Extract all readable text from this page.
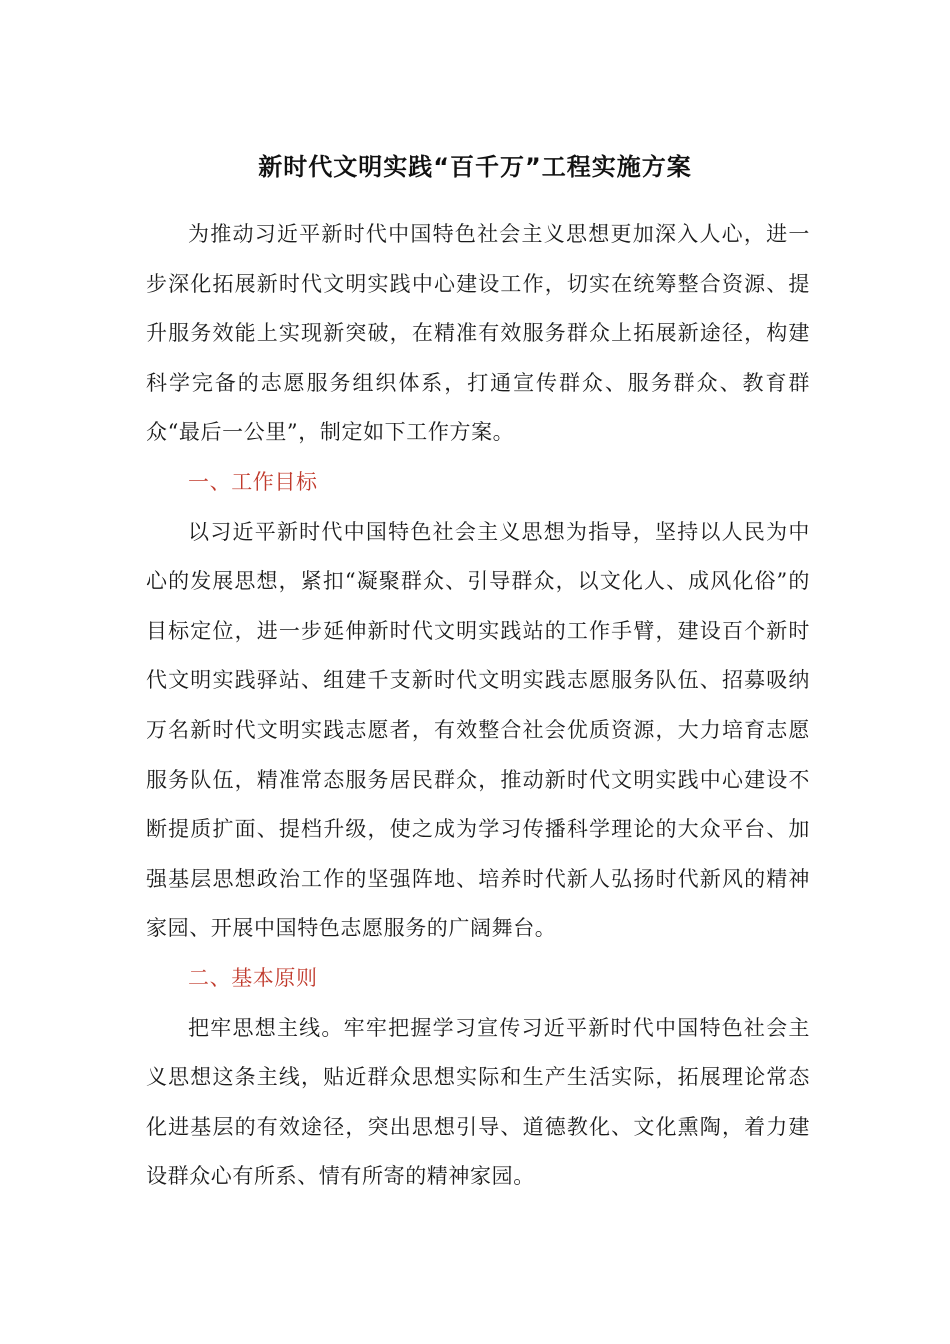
新时代文明实践“百千万”工程实施方案

为推动习近平新时代中国特色社会主义思想更加深入人心，进一步深化拓展新时代文明实践中心建设工作，切实在统筹整合资源、提升服务效能上实现新突破，在精准有效服务群众上拓展新途径，构建科学完备的志愿服务组织体系，打通宣传群众、服务群众、教育群众“最后一公里”，制定如下工作方案。

一、工作目标

以习近平新时代中国特色社会主义思想为指导，坚持以人民为中心的发展思想，紧扣“凝聚群众、引导群众，以文化人、成风化俗”的目标定位，进一步延伸新时代文明实践站的工作手臂，建设百个新时代文明实践驿站、组建千支新时代文明实践志愿服务队伍、招募吸纳万名新时代文明实践志愿者，有效整合社会优质资源，大力培育志愿服务队伍，精准常态服务居民群众，推动新时代文明实践中心建设不断提质扩面、提档升级，使之成为学习传播科学理论的大众平台、加强基层思想政治工作的坚强阵地、培养时代新人弘扬时代新风的精神家园、开展中国特色志愿服务的广阔舞台。

二、基本原则

把牢思想主线。牢牢把握学习宣传习近平新时代中国特色社会主义思想这条主线，贴近群众思想实际和生产生活实际，拓展理论常态化进基层的有效途径，突出思想引导、道德教化、文化熏陶，着力建设群众心有所系、情有所寄的精神家园。
